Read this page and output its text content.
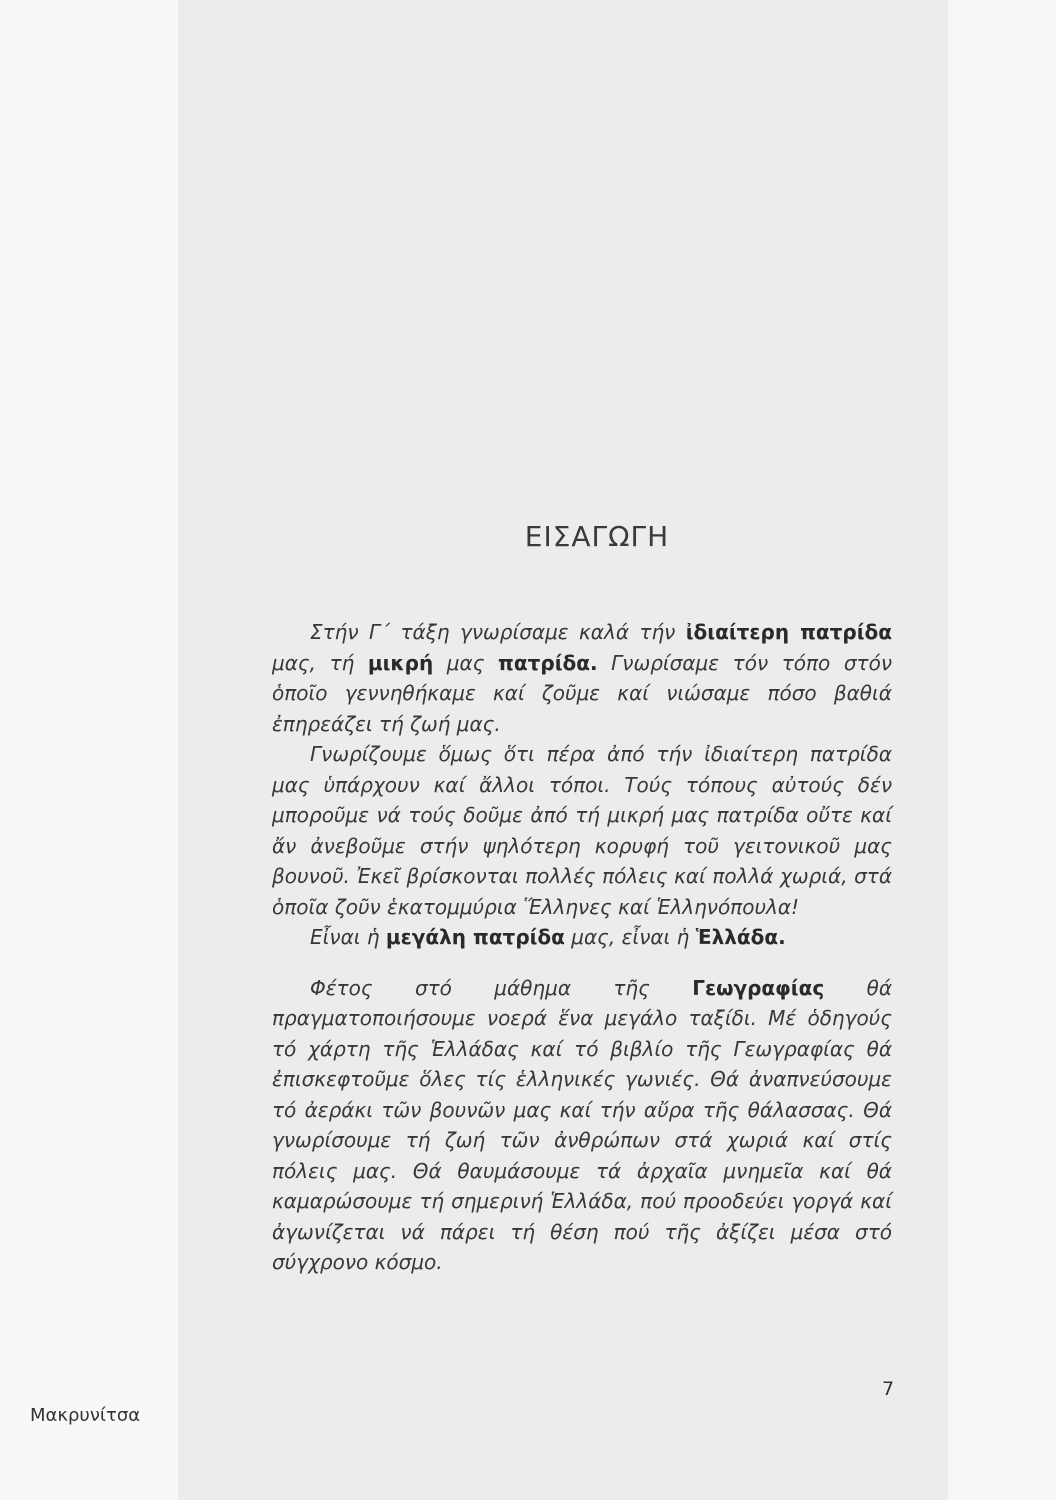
ΕΙΣΑΓΩΓΗ

Στήν Γ΄ τάξη γνωρίσαμε καλά τήν ἰδιαίτερη πατρίδα μας, τή μικρή μας πατρίδα. Γνωρίσαμε τόν τόπο στόν ὁποῖο γεννηθήκαμε καί ζοῦμε καί νιώσαμε πόσο βαθιά ἐπηρεάζει τή ζωή μας.

Γνωρίζουμε ὅμως ὅτι πέρα ἀπό τήν ἰδιαίτερη πατρίδα μας ὑπάρχουν καί ἄλλοι τόποι. Τούς τόπους αὐτούς δέν μποροῦμε νά τούς δοῦμε ἀπό τή μικρή μας πατρίδα οὔτε καί ἄν ἀνεβοῦμε στήν ψηλότερη κορυφή τοῦ γειτονικοῦ μας βουνοῦ. Ἐκεῖ βρίσκονται πολλές πόλεις καί πολλά χωριά, στά ὁποῖα ζοῦν ἑκατομμύρια Ἕλληνες καί Ἑλληνόπουλα!

Εἶναι ἡ μεγάλη πατρίδα μας, εἶναι ἡ Ἑλλάδα.

Φέτος στό μάθημα τῆς Γεωγραφίας θά πραγματοποιήσουμε νοερά ἕνα μεγάλο ταξίδι. Μέ ὁδηγούς τό χάρτη τῆς Ἑλλάδας καί τό βιβλίο τῆς Γεωγραφίας θά ἐπισκεφτοῦμε ὅλες τίς ἑλληνικές γωνιές. Θά ἀναπνεύσουμε τό ἀεράκι τῶν βουνῶν μας καί τήν αὔρα τῆς θάλασσας. Θά γνωρίσουμε τή ζωή τῶν ἀνθρώπων στά χωριά καί στίς πόλεις μας. Θά θαυμάσουμε τά ἀρχαῖα μνημεῖα καί θά καμαρώσουμε τή σημερινή Ἑλλάδα, πού προοδεύει γοργά καί ἀγωνίζεται νά πάρει τή θέση πού τῆς ἀξίζει μέσα στό σύγχρονο κόσμο.

7
Μακρυνίτσα
